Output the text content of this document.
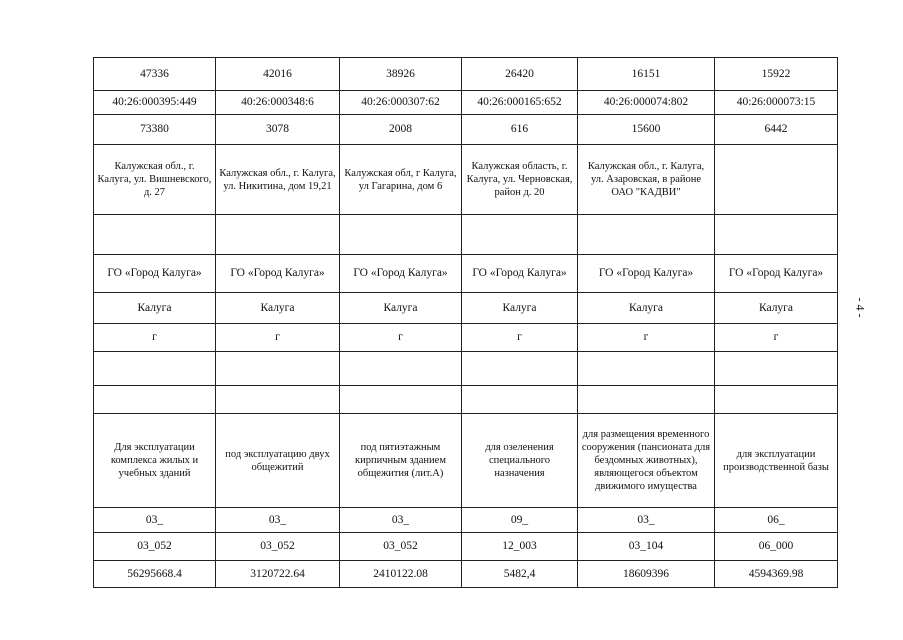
47336	42016	38926	26420	16151	15922
40:26:000395:449	40:26:000348:6	40:26:000307:62	40:26:000165:652	40:26:000074:802	40:26:000073:15
73380	3078	2008	616	15600	6442
Калужская обл., г. Калуга, ул. Вишневского, д. 27	Калужская обл., г. Калуга, ул. Никитина, дом 19,21	Калужская обл, г Калуга, ул Гагарина, дом 6	Калужская область, г. Калуга, ул. Черновская, район д. 20	Калужская обл., г. Калуга, ул. Азаровская, в районе ОАО "КАДВИ"	

ГО «Город Калуга»	ГО «Город Калуга»	ГО «Город Калуга»	ГО «Город Калуга»	ГО «Город Калуга»	ГО «Город Калуга»
Калуга	Калуга	Калуга	Калуга	Калуга	Калуга
г	г	г	г	г	г

Для эксплуатации комплекса жилых и учебных зданий	под эксплуатацию двух общежитий	под пятиэтажным кирпичным зданием общежития (лит.А)	для озеленения специального назначения	для размещения временного сооружения (пансионата для бездомных животных), являющегося объектом движимого имущества	для эксплуатации производственной базы
03_	03_	03_	09_	03_	06_
03_052	03_052	03_052	12_003	03_104	06_000
56295668.4	3120722.64	2410122.08	5482,4	18609396	4594369.98
- 4 -
